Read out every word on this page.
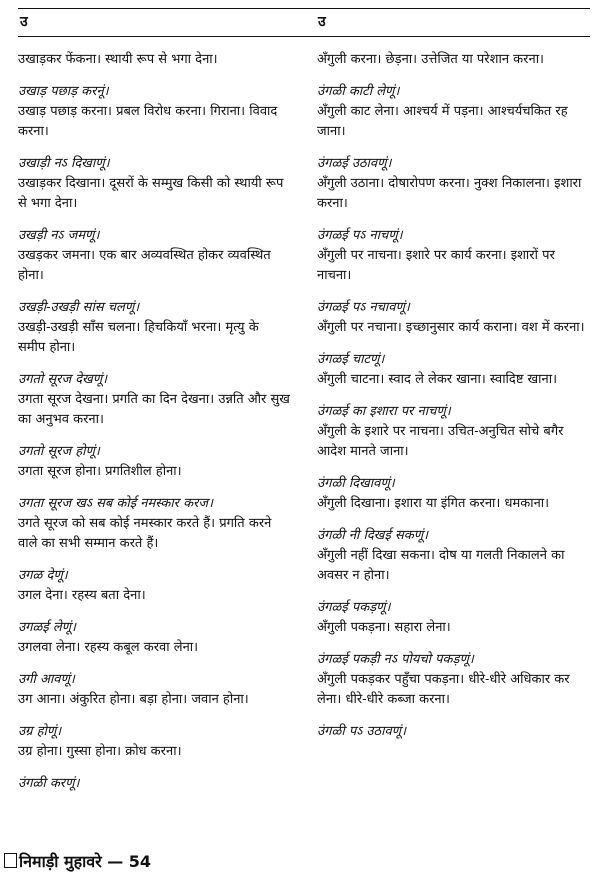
उ	उ
उखाड़कर फेंकना। स्थायी रूप से भगा देना।
उखाड़ पछाड़ करनूं।
उखाड़ पछाड़ करना। प्रबल विरोध करना। गिराना। विवाद करना।
उखाड़ी नऽ दिखाणूं।
उखाड़कर दिखाना। दूसरों के सम्मुख किसी को स्थायी रूप से भगा देना।
उखड़ी नऽ जमणूं।
उखड़कर जमना। एक बार अव्यवस्थित होकर व्यवस्थित होना।
उखड़ी-उखड़ी सांस चलणूं।
उखड़ी-उखड़ी साँस चलना। हिचकियाँ भरना। मृत्यु के समीप होना।
उगतो सूरज देखणूं।
उगता सूरज देखना। प्रगति का दिन देखना। उन्नति और सुख का अनुभव करना।
उगतो सूरज होणूं।
उगता सूरज होना। प्रगतिशील होना।
उगता सूरज खऽ सब कोई नमस्कार करज।
उगते सूरज को सब कोई नमस्कार करते हैं। प्रगति करने वाले का सभी सम्मान करते हैं।
उगळ देणूं।
उगल देना। रहस्य बता देना।
उगळई लेणूं।
उगलवा लेना। रहस्य कबूल करवा लेना।
उगी आवणूं।
उग आना। अंकुरित होना। बड़ा होना। जवान होना।
उग्र होणूं।
उग्र होना। गुस्सा होना। क्रोध करना।
उंगळी करणूं।
अँगुली करना। छेड़ना। उत्तेजित या परेशान करना।
उंगळी काटी लेणूं।
अँगुली काट लेना। आश्चर्य में पड़ना। आश्चर्यचकित रह जाना।
उंगळई उठावणूं।
अँगुली उठाना। दोषारोपण करना। नुक्श निकालना। इशारा करना।
उंगळई पऽ नाचणूं।
अँगुली पर नाचना। इशारे पर कार्य करना। इशारों पर नाचना।
उंगळई पऽ नचावणूं।
अँगुली पर नचाना। इच्छानुसार कार्य कराना। वश में करना।
उंगळई चाटणूं।
अँगुली चाटना। स्वाद ले लेकर खाना। स्वादिष्ट खाना।
उंगळई का इशारा पर नाचणूं।
अँगुली के इशारे पर नाचना। उचित-अनुचित सोचे बगैर आदेश मानते जाना।
उंगळी दिखावणूं।
अँगुली दिखाना। इशारा या इंगित करना। धमकाना।
उंगळी नी दिखई सकणूं।
अँगुली नहीं दिखा सकना। दोष या गलती निकालने का अवसर न होना।
उंगळई पकड़णूं।
अँगुली पकड़ना। सहारा लेना।
उंगळई पकड़ी नऽ पोयचो पकड़णूं।
अँगुली पकड़कर पहुँचा पकड़ना। धीरे-धीरे अधिकार कर लेना। धीरे-धीरे कब्जा करना।
उंगळी पऽ उठावणूं।
निमाड़ी मुहावरे — 54
